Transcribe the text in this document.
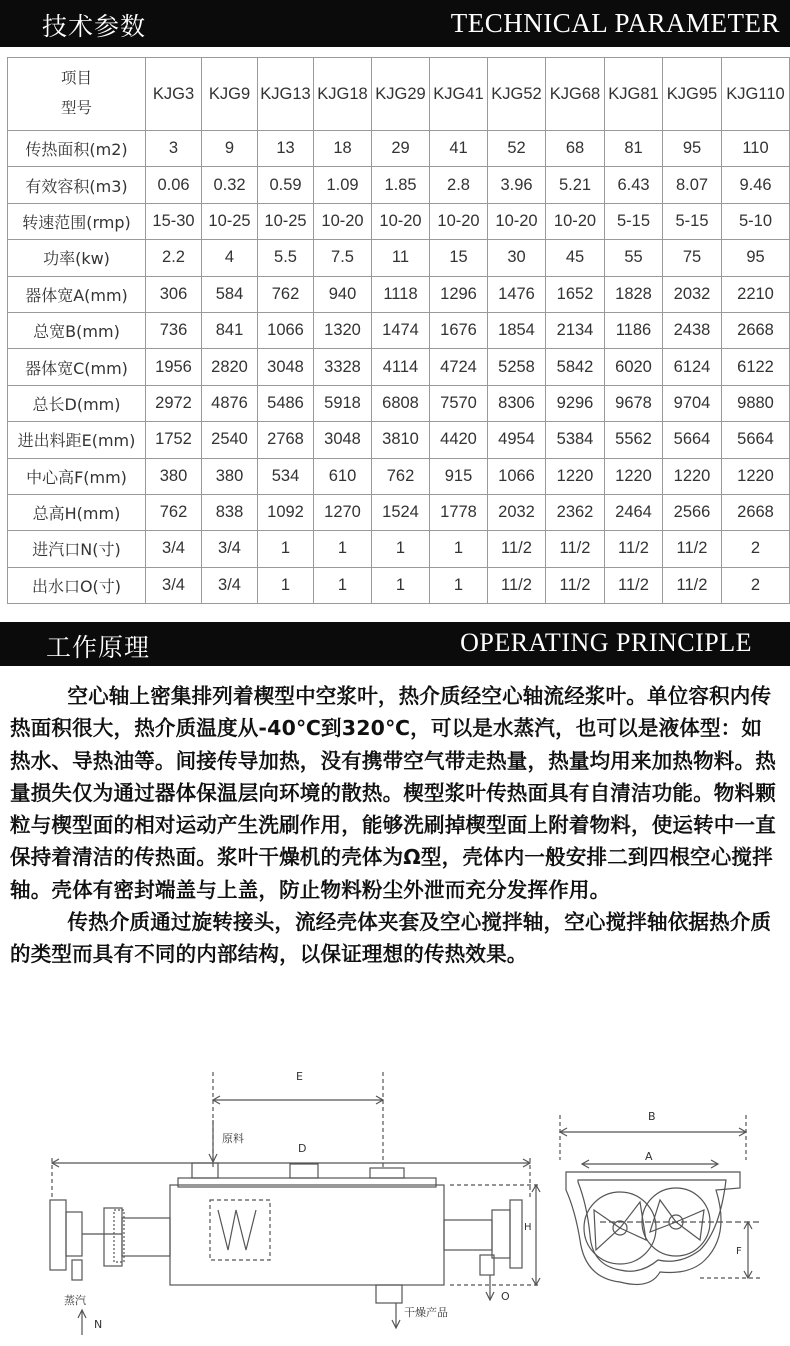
技术参数	TECHNICAL PARAMETER
项目
型号	KJG3	KJG9	KJG13	KJG18	KJG29	KJG41	KJG52	KJG68	KJG81	KJG95	KJG110
传热面积(m2)	3	9	13	18	29	41	52	68	81	95	110
有效容积(m3)	0.06	0.32	0.59	1.09	1.85	2.8	3.96	5.21	6.43	8.07	9.46
转速范围(rmp)	15-30	10-25	10-25	10-20	10-20	10-20	10-20	10-20	5-15	5-15	5-10
功率(kw)	2.2	4	5.5	7.5	11	15	30	45	55	75	95
器体宽A(mm)	306	584	762	940	1118	1296	1476	1652	1828	2032	2210
总宽B(mm)	736	841	1066	1320	1474	1676	1854	2134	1186	2438	2668
器体宽C(mm)	1956	2820	3048	3328	4114	4724	5258	5842	6020	6124	6122
总长D(mm)	2972	4876	5486	5918	6808	7570	8306	9296	9678	9704	9880
进出料距E(mm)	1752	2540	2768	3048	3810	4420	4954	5384	5562	5664	5664
中心高F(mm)	380	380	534	610	762	915	1066	1220	1220	1220	1220
总高H(mm)	762	838	1092	1270	1524	1778	2032	2362	2464	2566	2668
进汽口N(寸)	3/4	3/4	1	1	1	1	11/2	11/2	11/2	11/2	2
出水口O(寸)	3/4	3/4	1	1	1	1	11/2	11/2	11/2	11/2	2
工作原理	OPERATING PRINCIPLE

空心轴上密集排列着楔型中空浆叶，热介质经空心轴流经浆叶。单位容积内传热面积很大，热介质温度从-40℃到320℃，可以是水蒸汽，也可以是液体型：如热水、导热油等。间接传导加热，没有携带空气带走热量，热量均用来加热物料。热量损失仅为通过器体保温层向环境的散热。楔型浆叶传热面具有自清洁功能。物料颗粒与楔型面的相对运动产生洗刷作用，能够洗刷掉楔型面上附着物料，使运转中一直保持着清洁的传热面。浆叶干燥机的壳体为Ω型，壳体内一般安排二到四根空心搅拌轴。壳体有密封端盖与上盖，防止物料粉尘外泄而充分发挥作用。

传热介质通过旋转接头，流经壳体夹套及空心搅拌轴，空心搅拌轴依据热介质的类型而具有不同的内部结构，以保证理想的传热效果。

E
原料
D
H
O
干燥产品
蒸汽
N
B
A
F
